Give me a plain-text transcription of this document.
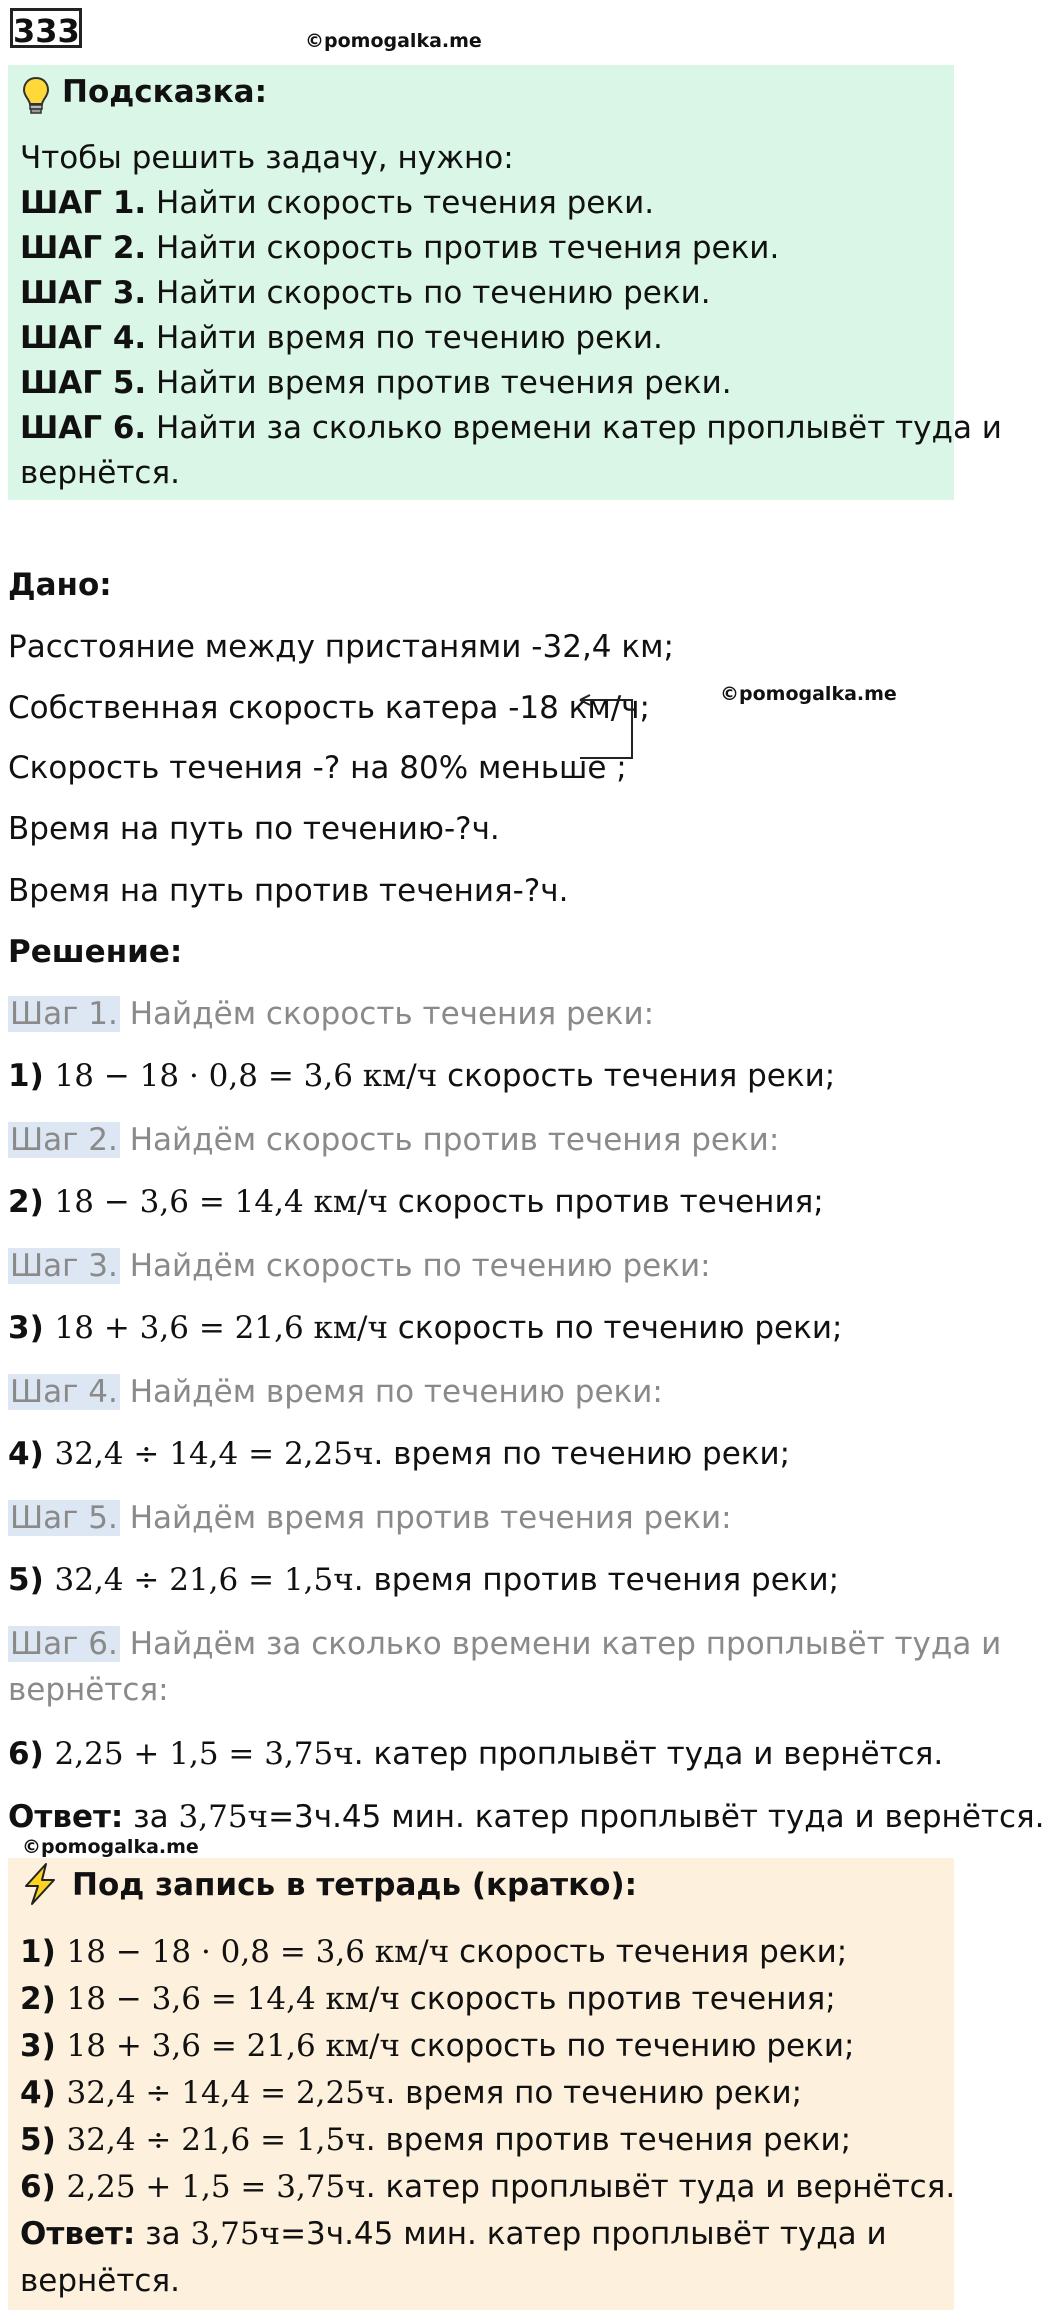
333	©pomogalka.me
Подсказка:
Чтобы решить задачу, нужно:
ШАГ 1. Найти скорость течения реки.
ШАГ 2. Найти скорость против течения реки.
ШАГ 3. Найти скорость по течению реки.
ШАГ 4. Найти время по течению реки.
ШАГ 5. Найти время против течения реки.
ШАГ 6. Найти за сколько времени катер проплывёт туда и
вернётся.
Дано:
Расстояние между пристанями -32,4 км;
Собственная скорость катера -18 км/ч;	©pomogalka.me
Скорость течения -? на 80% меньше ;
Время на путь по течению-?ч.
Время на путь против течения-?ч.
Решение:
Шаг 1. Найдём скорость течения реки:
1) 18 − 18 · 0,8 = 3,6 км/ч скорость течения реки;
Шаг 2. Найдём скорость против течения реки:
2) 18 − 3,6 = 14,4 км/ч скорость против течения;
Шаг 3. Найдём скорость по течению реки:
3) 18 + 3,6 = 21,6 км/ч скорость по течению реки;
Шаг 4. Найдём время по течению реки:
4) 32,4 ÷ 14,4 = 2,25ч. время по течению реки;
Шаг 5. Найдём время против течения реки:
5) 32,4 ÷ 21,6 = 1,5ч. время против течения реки;
Шаг 6. Найдём за сколько времени катер проплывёт туда и
вернётся:
6) 2,25 + 1,5 = 3,75ч. катер проплывёт туда и вернётся.
Ответ: за 3,75ч=3ч.45 мин. катер проплывёт туда и вернётся.
©pomogalka.me
Под запись в тетрадь (кратко):
1) 18 − 18 · 0,8 = 3,6 км/ч скорость течения реки;
2) 18 − 3,6 = 14,4 км/ч скорость против течения;
3) 18 + 3,6 = 21,6 км/ч скорость по течению реки;
4) 32,4 ÷ 14,4 = 2,25ч. время по течению реки;
5) 32,4 ÷ 21,6 = 1,5ч. время против течения реки;
6) 2,25 + 1,5 = 3,75ч. катер проплывёт туда и вернётся.
Ответ: за 3,75ч=3ч.45 мин. катер проплывёт туда и
вернётся.
